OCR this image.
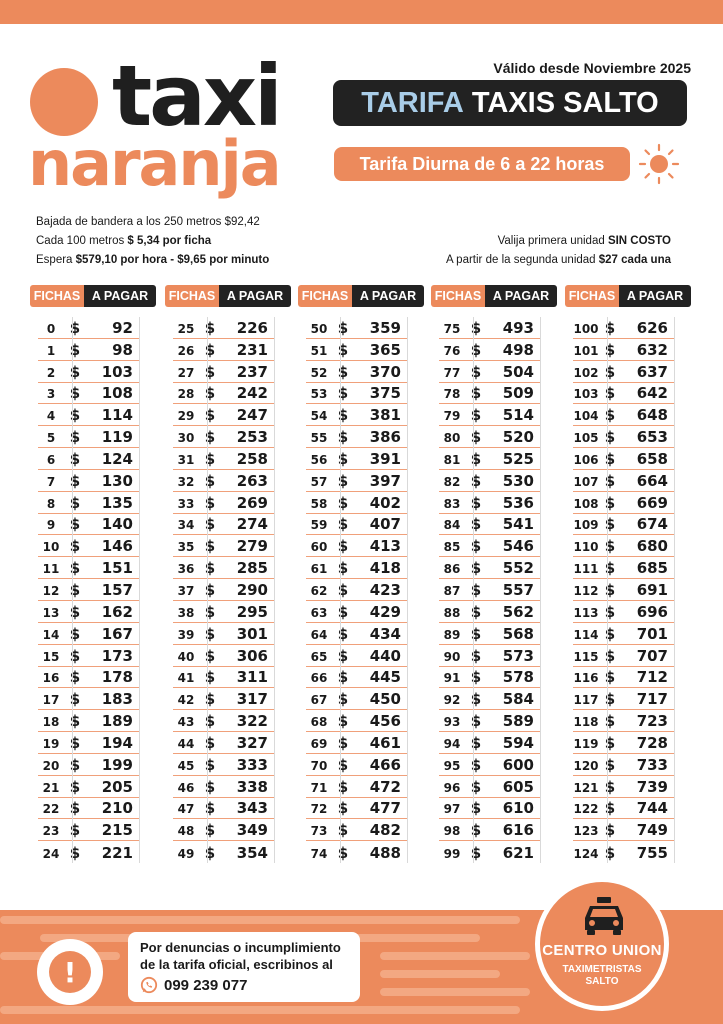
taxi
naranja
Válido desde Noviembre 2025
TARIFA TAXIS SALTO
Tarifa Diurna de 6 a 22 horas
Bajada de bandera a los 250 metros $92,42
Cada 100 metros $ 5,34 por ficha
Espera $579,10 por hora - $9,65 por minuto
Valija primera unidad SIN COSTO
A partir de la segunda unidad $27 cada una
FICHAS A PAGAR
0 $	92
1 $	98
2 $	103
3 $	108
4 $	114
5 $	119
6 $	124
7 $	130
8 $	135
9 $	140
10 $	146
11 $	151
12 $	157
13 $	162
14 $	167
15 $	173
16 $	178
17 $	183
18 $	189
19 $	194
20 $	199
21 $	205
22 $	210
23 $	215
24 $	221
FICHAS A PAGAR
25 $	226
26 $	231
27 $	237
28 $	242
29 $	247
30 $	253
31 $	258
32 $	263
33 $	269
34 $	274
35 $	279
36 $	285
37 $	290
38 $	295
39 $	301
40 $	306
41 $	311
42 $	317
43 $	322
44 $	327
45 $	333
46 $	338
47 $	343
48 $	349
49 $	354
FICHAS A PAGAR
50 $	359
51 $	365
52 $	370
53 $	375
54 $	381
55 $	386
56 $	391
57 $	397
58 $	402
59 $	407
60 $	413
61 $	418
62 $	423
63 $	429
64 $	434
65 $	440
66 $	445
67 $	450
68 $	456
69 $	461
70 $	466
71 $	472
72 $	477
73 $	482
74 $	488
FICHAS A PAGAR
75 $	493
76 $	498
77 $	504
78 $	509
79 $	514
80 $	520
81 $	525
82 $	530
83 $	536
84 $	541
85 $	546
86 $	552
87 $	557
88 $	562
89 $	568
90 $	573
91 $	578
92 $	584
93 $	589
94 $	594
95 $	600
96 $	605
97 $	610
98 $	616
99 $	621
FICHAS A PAGAR
100 $	626
101 $	632
102 $	637
103 $	642
104 $	648
105 $	653
106 $	658
107 $	664
108 $	669
109 $	674
110 $	680
111 $	685
112 $	691
113 $	696
114 $	701
115 $	707
116 $	712
117 $	717
118 $	723
119 $	728
120 $	733
121 $	739
122 $	744
123 $	749
124 $	755
!
Por denuncias o incumplimiento
de la tarifa oficial, escribinos al
099 239 077
CENTRO UNION
TAXIMETRISTAS
SALTO
